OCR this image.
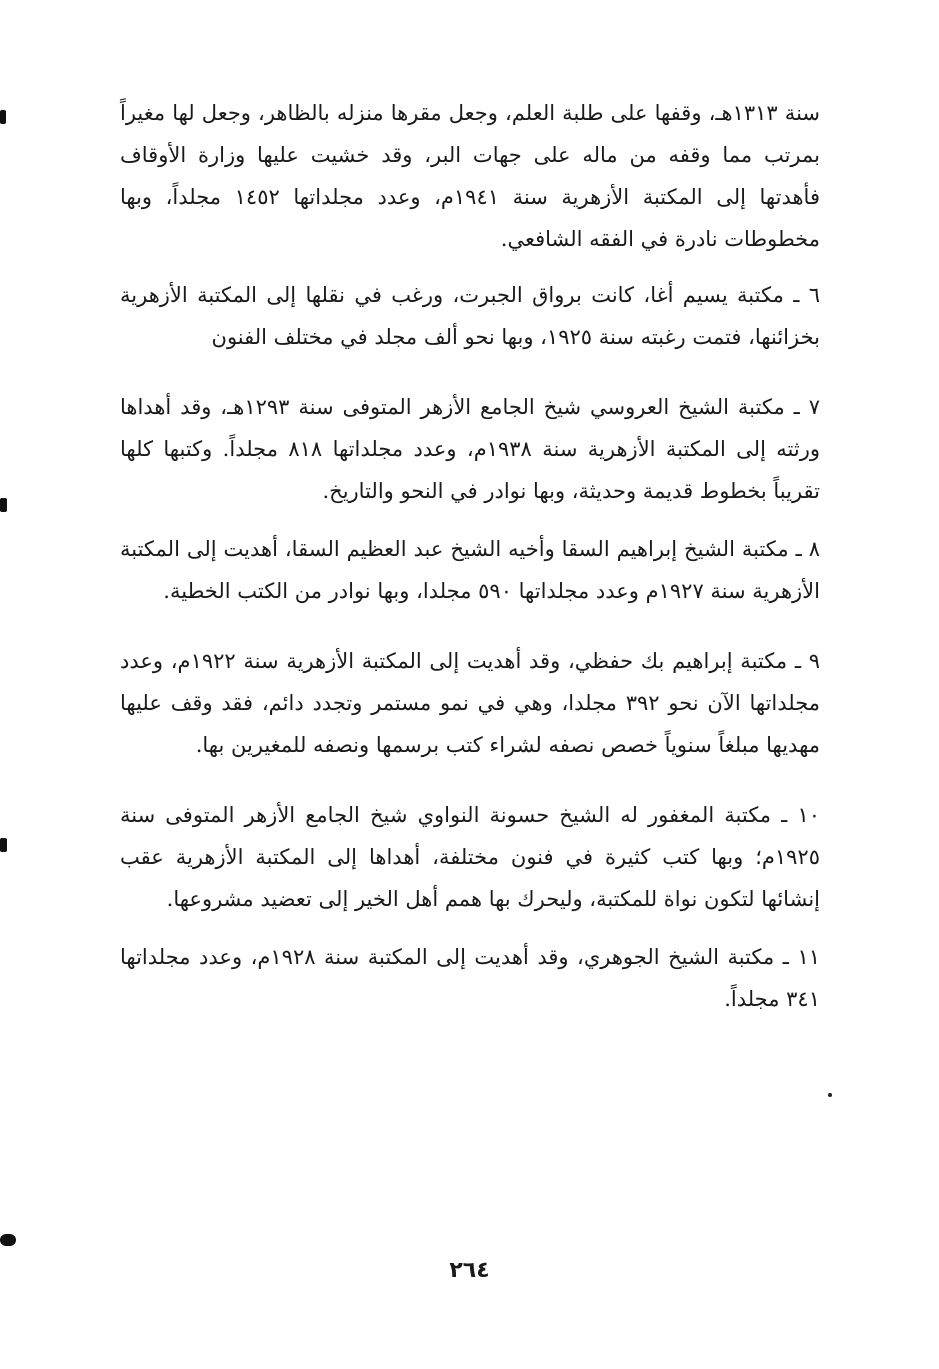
سنة ١٣١٣هـ، وقفها على طلبة العلم، وجعل مقرها منزله بالظاهر، وجعل لها مغيراً بمرتب مما وقفه من ماله على جهات البر، وقد خشيت عليها وزارة الأوقاف فأهدتها إلى المكتبة الأزهرية سنة ١٩٤١م، وعدد مجلداتها ١٤٥٢ مجلداً، وبها مخطوطات نادرة في الفقه الشافعي.

٦ ـ مكتبة يسيم أغا، كانت برواق الجبرت، ورغب في نقلها إلى المكتبة الأزهرية بخزائنها، فتمت رغبته سنة ١٩٢٥، وبها نحو ألف مجلد في مختلف الفنون

٧ ـ مكتبة الشيخ العروسي شيخ الجامع الأزهر المتوفى سنة ١٢٩٣هـ، وقد أهداها ورثته إلى المكتبة الأزهرية سنة ١٩٣٨م، وعدد مجلداتها ٨١٨ مجلداً. وكتبها كلها تقريباً بخطوط قديمة وحديثة، وبها نوادر في النحو والتاريخ.

٨ ـ مكتبة الشيخ إبراهيم السقا وأخيه الشيخ عبد العظيم السقا، أهديت إلى المكتبة الأزهرية سنة ١٩٢٧م وعدد مجلداتها ٥٩٠ مجلدا، وبها نوادر من الكتب الخطية.

٩ ـ مكتبة إبراهيم بك حفظي، وقد أهديت إلى المكتبة الأزهرية سنة ١٩٢٢م، وعدد مجلداتها الآن نحو ٣٩٢ مجلدا، وهي في نمو مستمر وتجدد دائم، فقد وقف عليها مهديها مبلغاً سنوياً خصص نصفه لشراء كتب برسمها ونصفه للمغيرين بها.

١٠ ـ مكتبة المغفور له الشيخ حسونة النواوي شيخ الجامع الأزهر المتوفى سنة ١٩٢٥م؛ وبها كتب كثيرة في فنون مختلفة، أهداها إلى المكتبة الأزهرية عقب إنشائها لتكون نواة للمكتبة، وليحرك بها همم أهل الخير إلى تعضيد مشروعها.

١١ ـ مكتبة الشيخ الجوهري، وقد أهديت إلى المكتبة سنة ١٩٢٨م، وعدد مجلداتها ٣٤١ مجلداً.

٢٦٤
